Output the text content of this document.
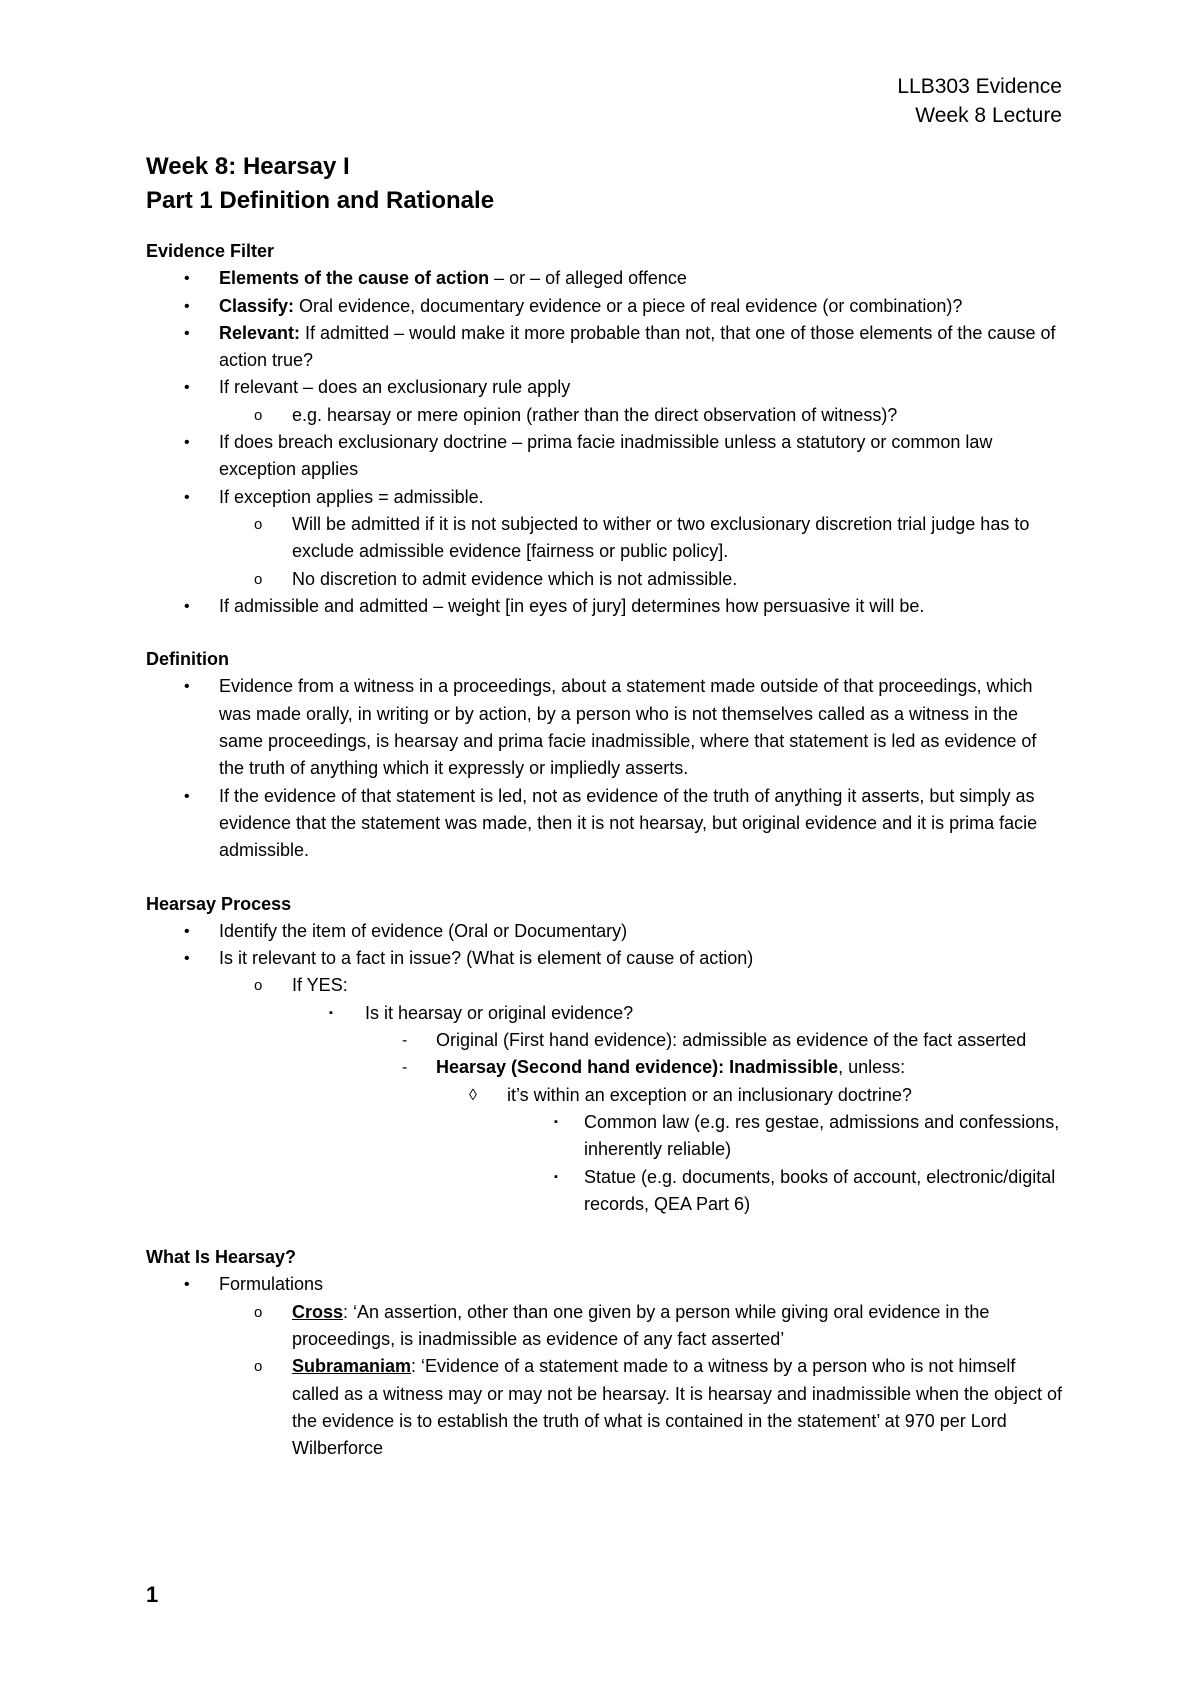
LLB303 Evidence
Week 8 Lecture
Week 8: Hearsay I
Part 1 Definition and Rationale
Evidence Filter
• Elements of the cause of action – or – of alleged offence
• Classify: Oral evidence, documentary evidence or a piece of real evidence (or combination)?
• Relevant: If admitted – would make it more probable than not, that one of those elements of the cause of action true?
• If relevant – does an exclusionary rule apply
o e.g. hearsay or mere opinion (rather than the direct observation of witness)?
• If does breach exclusionary doctrine – prima facie inadmissible unless a statutory or common law exception applies
• If exception applies = admissible.
o Will be admitted if it is not subjected to wither or two exclusionary discretion trial judge has to exclude admissible evidence [fairness or public policy].
o No discretion to admit evidence which is not admissible.
• If admissible and admitted – weight [in eyes of jury] determines how persuasive it will be.
Definition
• Evidence from a witness in a proceedings, about a statement made outside of that proceedings, which was made orally, in writing or by action, by a person who is not themselves called as a witness in the same proceedings, is hearsay and prima facie inadmissible, where that statement is led as evidence of the truth of anything which it expressly or impliedly asserts.
• If the evidence of that statement is led, not as evidence of the truth of anything it asserts, but simply as evidence that the statement was made, then it is not hearsay, but original evidence and it is prima facie admissible.
Hearsay Process
• Identify the item of evidence (Oral or Documentary)
• Is it relevant to a fact in issue? (What is element of cause of action)
o If YES:
▪ Is it hearsay or original evidence?
- Original (First hand evidence): admissible as evidence of the fact asserted
- Hearsay (Second hand evidence): Inadmissible, unless:
◊ it’s within an exception or an inclusionary doctrine?
▪ Common law (e.g. res gestae, admissions and confessions, inherently reliable)
▪ Statue (e.g. documents, books of account, electronic/digital records, QEA Part 6)
What Is Hearsay?
• Formulations
o Cross: ‘An assertion, other than one given by a person while giving oral evidence in the proceedings, is inadmissible as evidence of any fact asserted’
o Subramaniam: ‘Evidence of a statement made to a witness by a person who is not himself called as a witness may or may not be hearsay. It is hearsay and inadmissible when the object of the evidence is to establish the truth of what is contained in the statement’ at 970 per Lord Wilberforce
1
